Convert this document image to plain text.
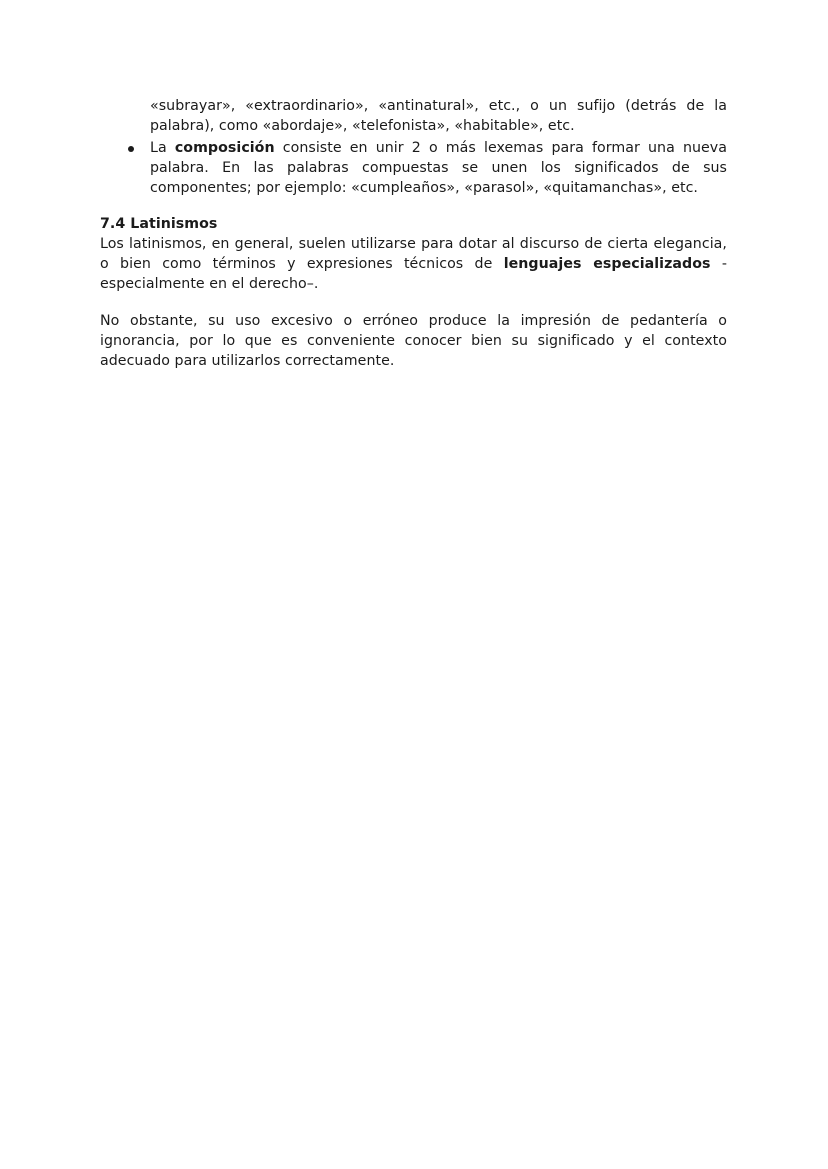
«subrayar», «extraordinario», «antinatural», etc., o un sufijo (detrás de la palabra), como «abordaje», «telefonista», «habitable», etc.
La composición consiste en unir 2 o más lexemas para formar una nueva palabra. En las palabras compuestas se unen los significados de sus componentes; por ejemplo: «cumpleaños», «parasol», «quitamanchas», etc.
7.4 Latinismos

Los latinismos, en general, suelen utilizarse para dotar al discurso de cierta elegancia, o bien como términos y expresiones técnicos de lenguajes especializados -especialmente en el derecho–.

No obstante, su uso excesivo o erróneo produce la impresión de pedantería o ignorancia, por lo que es conveniente conocer bien su significado y el contexto adecuado para utilizarlos correctamente.
